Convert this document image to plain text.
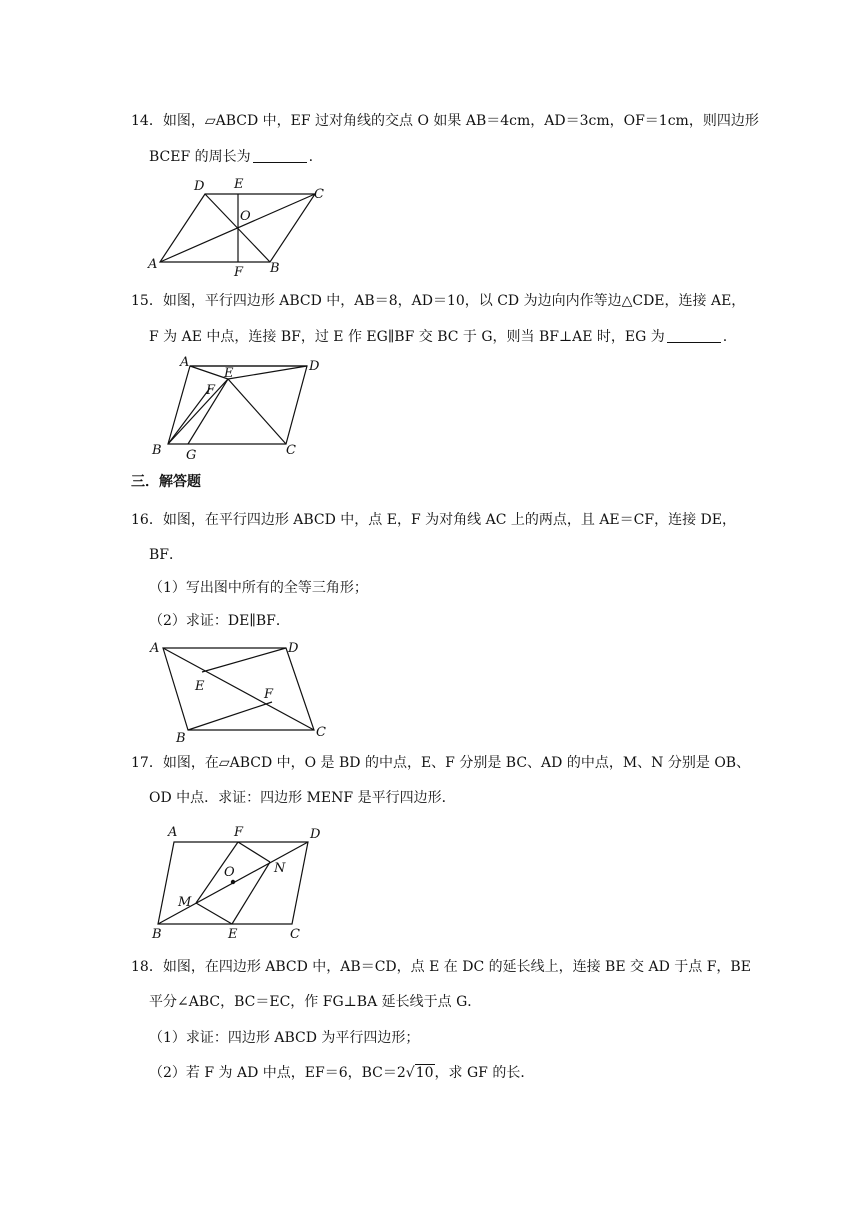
14．如图，▱ABCD 中，EF 过对角线的交点 O 如果 AB＝4cm，AD＝3cm，OF＝1cm，则四边形
BCEF 的周长为	.
A	B
C
D E
F
O
15．如图，平行四边形 ABCD 中，AB＝8，AD＝10，以 CD 为边向内作等边△CDE，连接 AE，
F 为 AE 中点，连接 BF，过 E 作 EG∥BF 交 BC 于 G，则当 BF⊥AE 时，EG 为	.
A
B	C
D
E
F
G
三．解答题
16．如图，在平行四边形 ABCD 中，点 E，F 为对角线 AC 上的两点，且 AE＝CF，连接 DE，
BF．
（1）写出图中所有的全等三角形；
（2）求证：DE∥BF．
A
B	C
D
E
F
17．如图，在▱ABCD 中，O 是 BD 的中点，E、F 分别是 BC、AD 的中点，M、N 分别是 OB、
OD 中点．求证：四边形 MENF 是平行四边形．
A
B	C
D
E
F
M
N
O
18．如图，在四边形 ABCD 中，AB＝CD，点 E 在 DC 的延长线上，连接 BE 交 AD 于点 F，BE
平分∠ABC，BC＝EC，作 FG⊥BA 延长线于点 G．
（1）求证：四边形 ABCD 为平行四边形；
（2）若 F 为 AD 中点，EF＝6，BC＝2√10，求 GF 的长．
